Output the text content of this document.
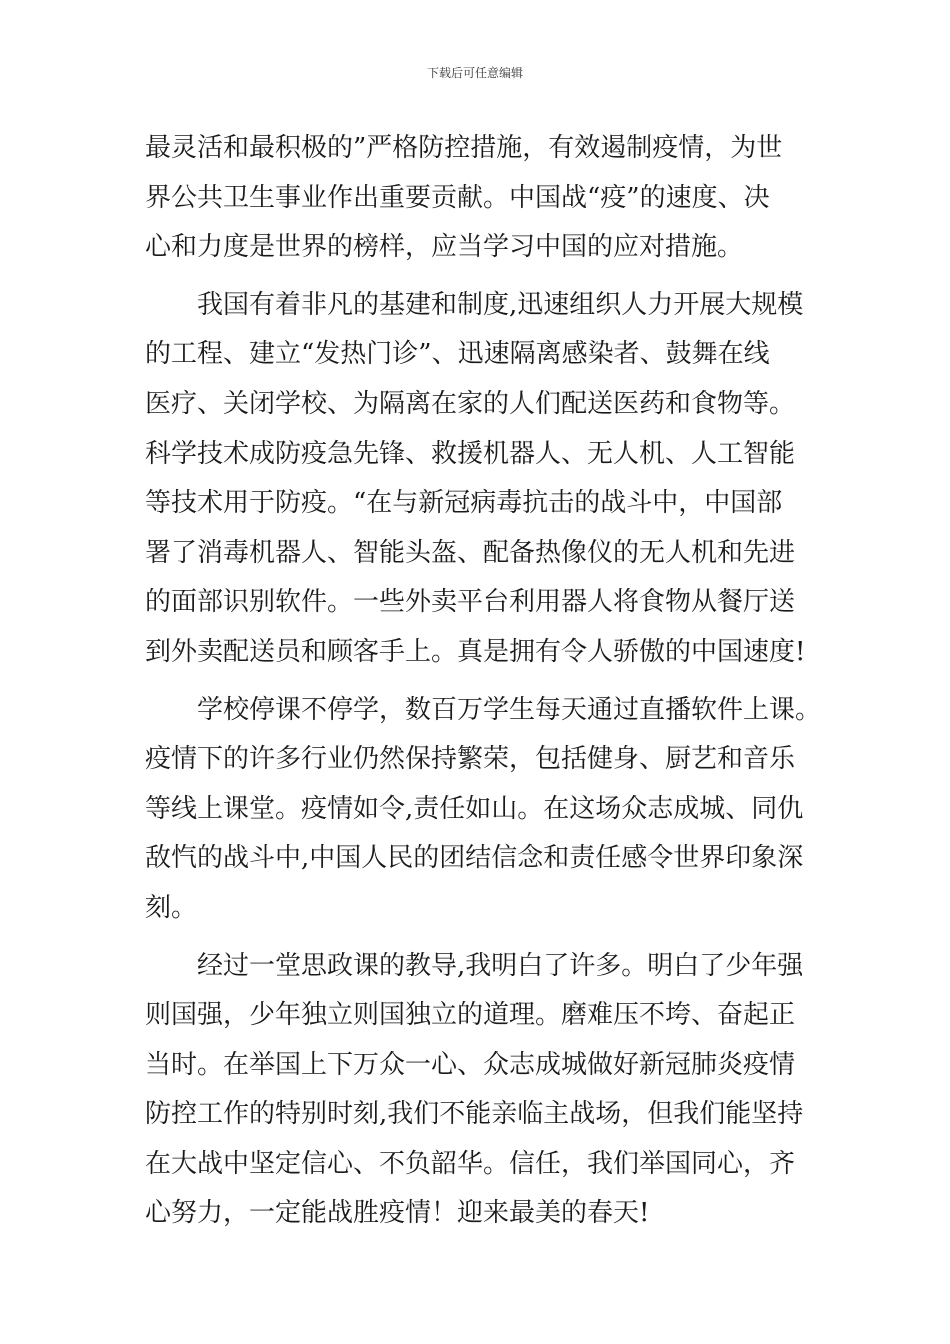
下载后可任意编辑
最灵活和最积极的”严格防控措施，有效遏制疫情，为世
界公共卫生事业作出重要贡献。中国战“疫”的速度、决
心和力度是世界的榜样，应当学习中国的应对措施。
我国有着非凡的基建和制度,迅速组织人力开展大规模
的工程、建立“发热门诊”、迅速隔离感染者、鼓舞在线
医疗、关闭学校、为隔离在家的人们配送医药和食物等。
科学技术成防疫急先锋、救援机器人、无人机、人工智能
等技术用于防疫。“在与新冠病毒抗击的战斗中，中国部
署了消毒机器人、智能头盔、配备热像仪的无人机和先进
的面部识别软件。一些外卖平台利用器人将食物从餐厅送
到外卖配送员和顾客手上。真是拥有令人骄傲的中国速度!
学校停课不停学，数百万学生每天通过直播软件上课。
疫情下的许多行业仍然保持繁荣，包括健身、厨艺和音乐
等线上课堂。疫情如令,责任如山。在这场众志成城、同仇
敌忾的战斗中,中国人民的团结信念和责任感令世界印象深
刻。
经过一堂思政课的教导,我明白了许多。明白了少年强
则国强，少年独立则国独立的道理。磨难压不垮、奋起正
当时。在举国上下万众一心、众志成城做好新冠肺炎疫情
防控工作的特别时刻,我们不能亲临主战场，但我们能坚持
在大战中坚定信心、不负韶华。信任，我们举国同心，齐
心努力，一定能战胜疫情！迎来最美的春天!
